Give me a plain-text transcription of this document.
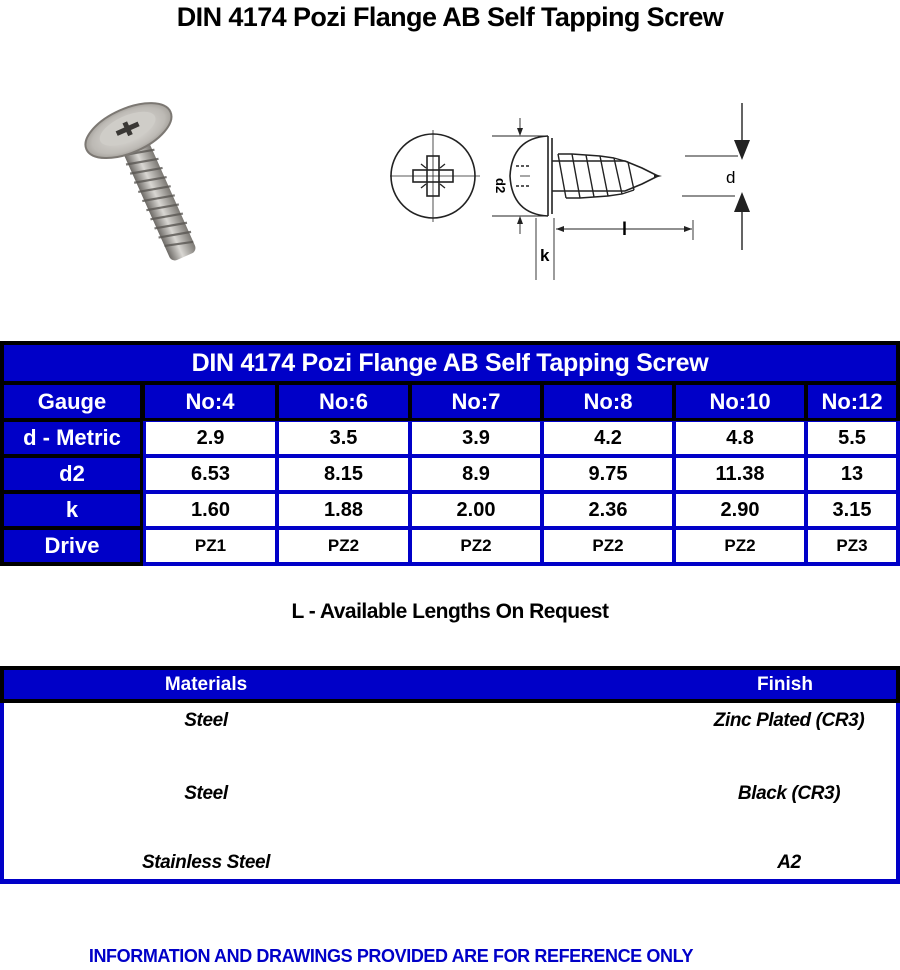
DIN 4174 Pozi Flange AB Self Tapping Screw
d2
k
l
d
DIN 4174 Pozi Flange AB Self Tapping Screw
Gauge	No:4	No:6	No:7	No:8	No:10	No:12
d - Metric	2.9	3.5	3.9	4.2	4.8	5.5
d2	6.53	8.15	8.9	9.75	11.38	13
k	1.60	1.88	2.00	2.36	2.90	3.15
Drive	PZ1	PZ2	PZ2	PZ2	PZ2	PZ3
L - Available Lengths On Request
Materials	Finish
Steel	Zinc Plated (CR3)
Steel	Black (CR3)
Stainless Steel	A2
INFORMATION AND DRAWINGS PROVIDED ARE FOR REFERENCE ONLY
